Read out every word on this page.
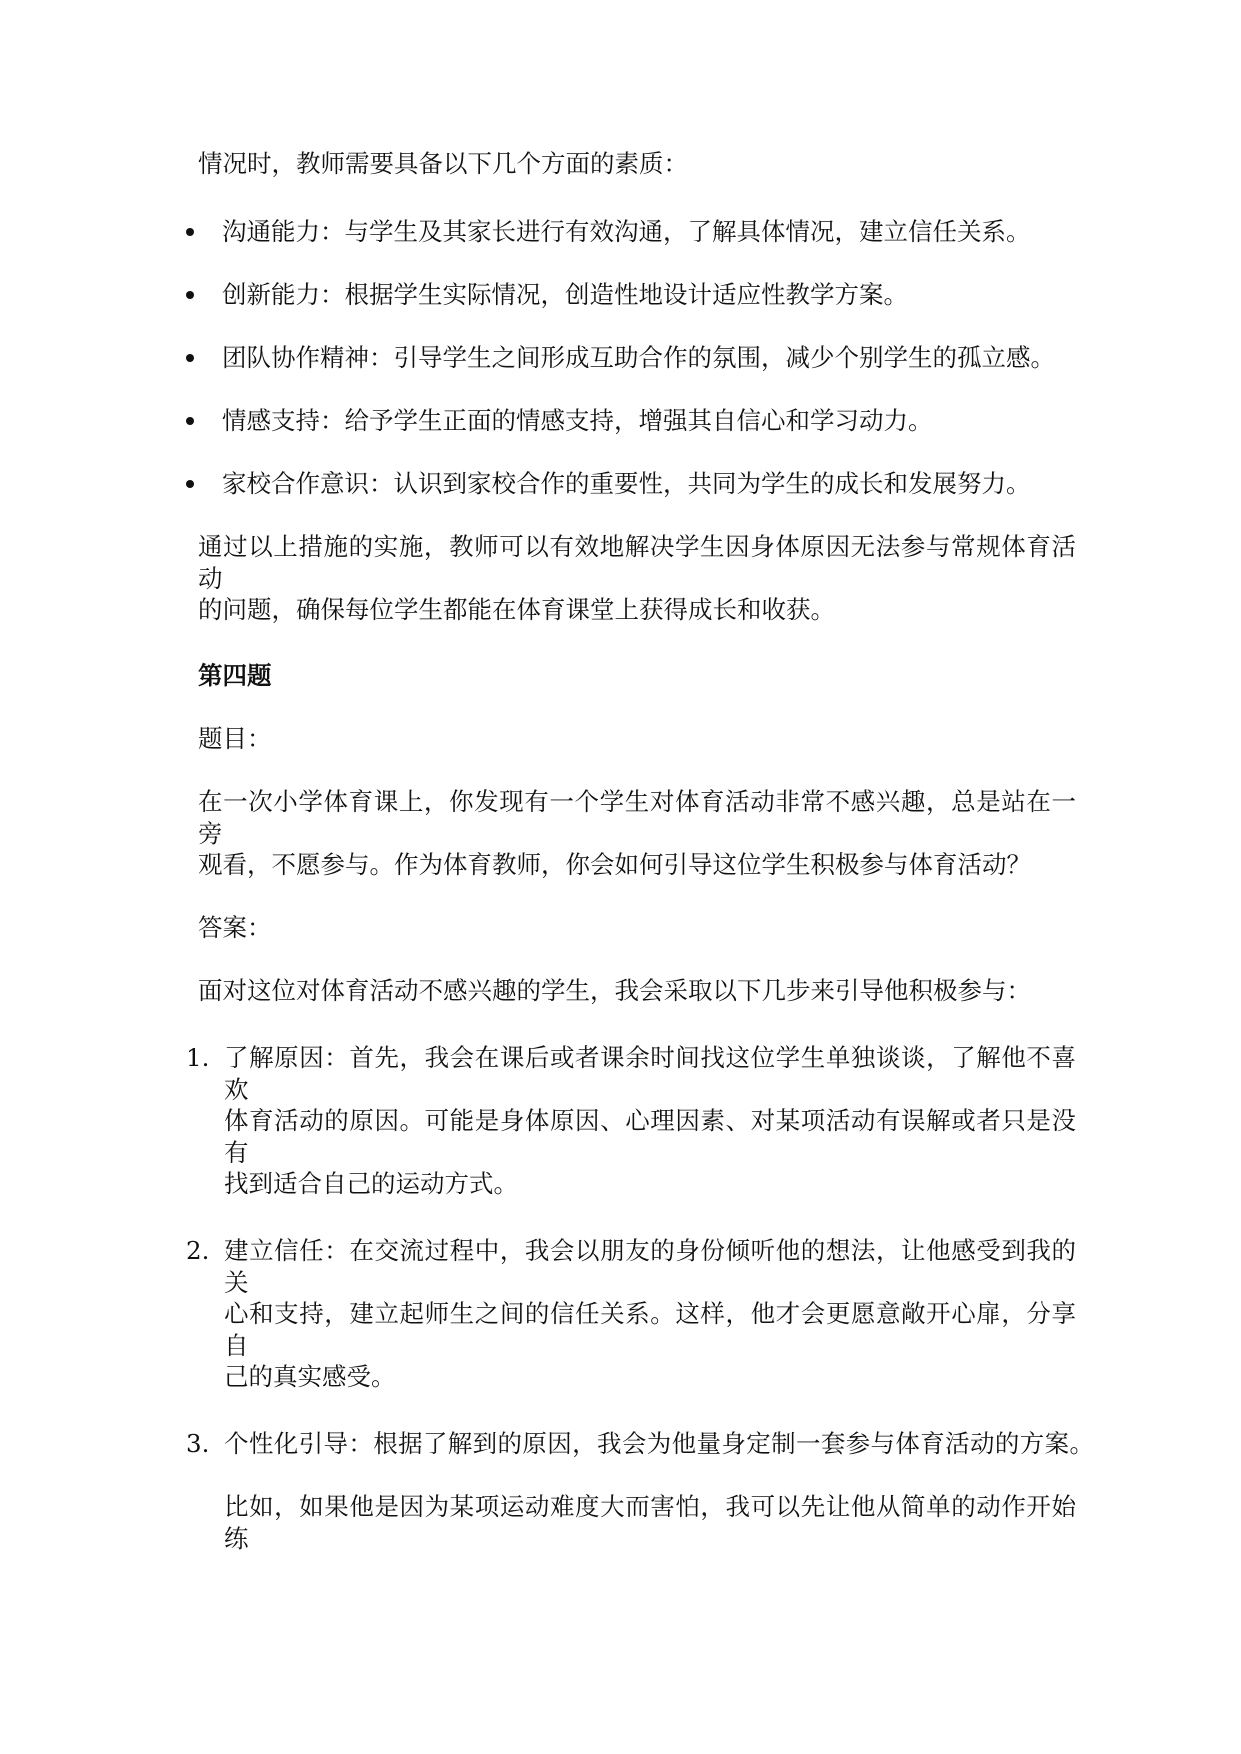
情况时，教师需要具备以下几个方面的素质：
沟通能力：与学生及其家长进行有效沟通，了解具体情况，建立信任关系。
创新能力：根据学生实际情况，创造性地设计适应性教学方案。
团队协作精神：引导学生之间形成互助合作的氛围，减少个别学生的孤立感。
情感支持：给予学生正面的情感支持，增强其自信心和学习动力。
家校合作意识：认识到家校合作的重要性，共同为学生的成长和发展努力。
通过以上措施的实施，教师可以有效地解决学生因身体原因无法参与常规体育活动
的问题，确保每位学生都能在体育课堂上获得成长和收获。
第四题
题目：
在一次小学体育课上，你发现有一个学生对体育活动非常不感兴趣，总是站在一旁
观看，不愿参与。作为体育教师，你会如何引导这位学生积极参与体育活动？
答案：
面对这位对体育活动不感兴趣的学生，我会采取以下几步来引导他积极参与：
1. 了解原因：首先，我会在课后或者课余时间找这位学生单独谈谈，了解他不喜欢
体育活动的原因。可能是身体原因、心理因素、对某项活动有误解或者只是没有
找到适合自己的运动方式。
2. 建立信任：在交流过程中，我会以朋友的身份倾听他的想法，让他感受到我的关
心和支持，建立起师生之间的信任关系。这样，他才会更愿意敞开心扉，分享自
己的真实感受。
3. 个性化引导：根据了解到的原因，我会为他量身定制一套参与体育活动的方案。
比如，如果他是因为某项运动难度大而害怕，我可以先让他从简单的动作开始练
